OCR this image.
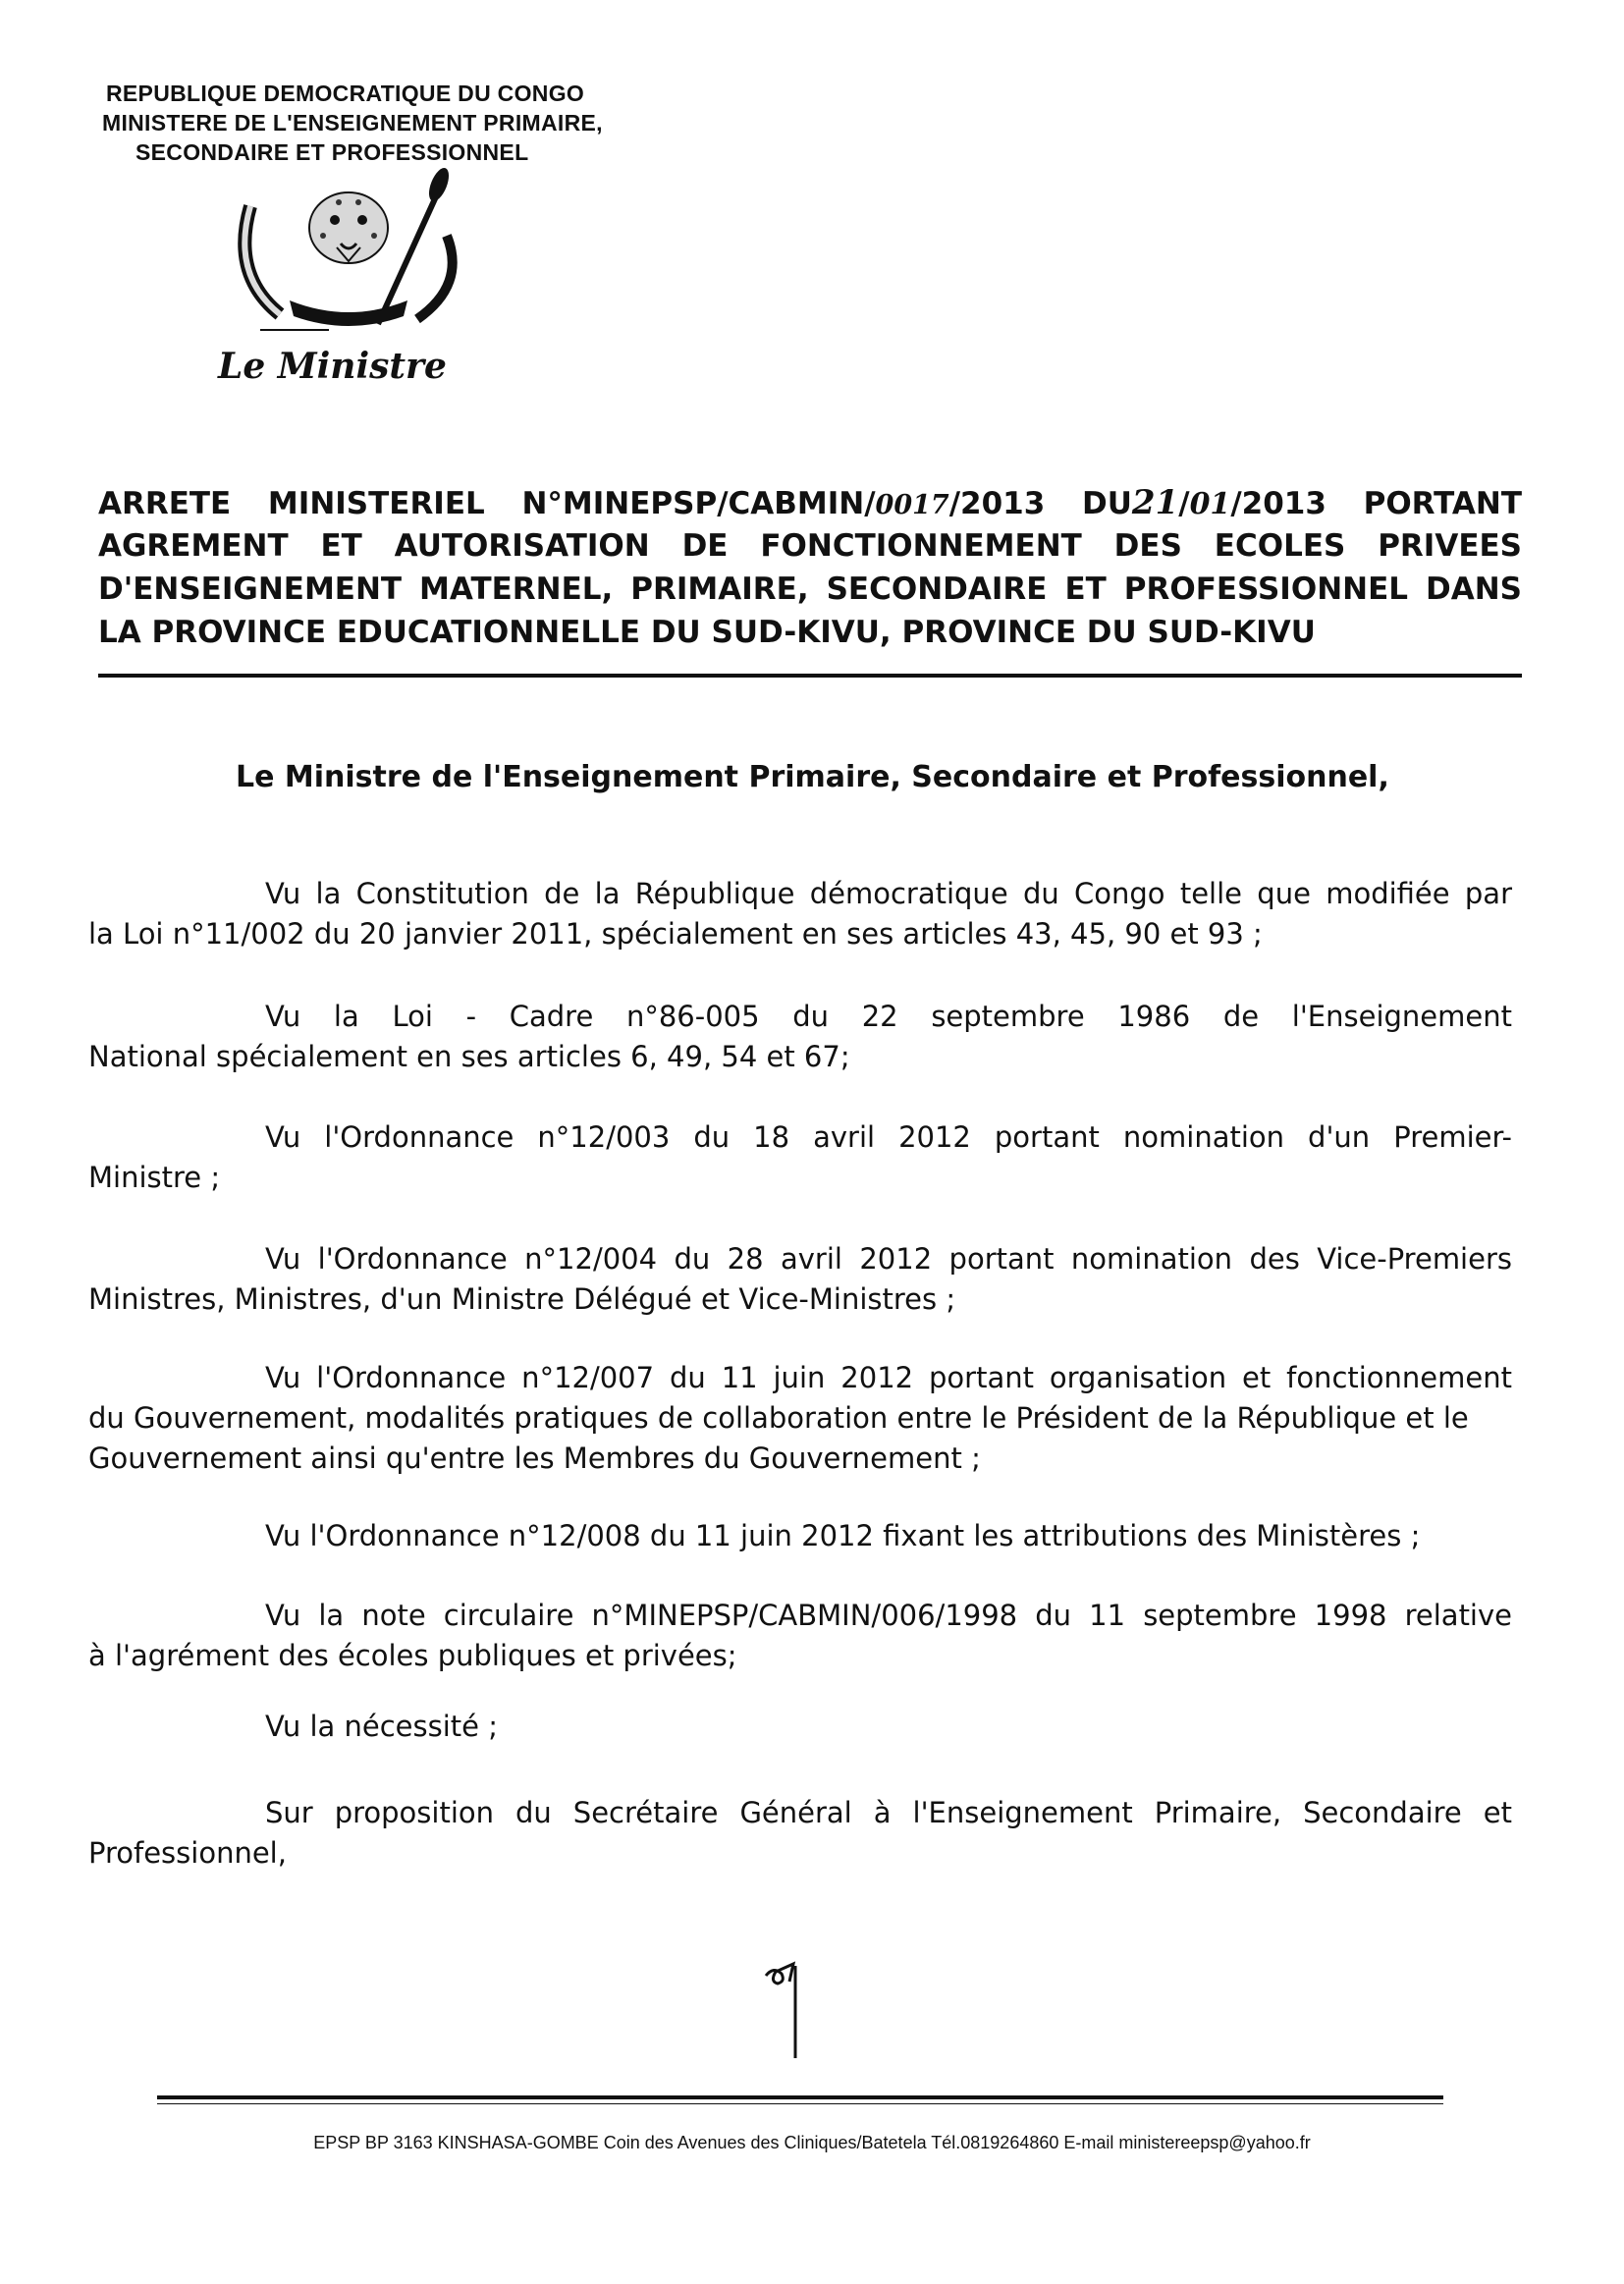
REPUBLIQUE DEMOCRATIQUE DU CONGO
MINISTERE DE L'ENSEIGNEMENT PRIMAIRE,
SECONDAIRE ET PROFESSIONNEL
Le Ministre
ARRETE MINISTERIEL N°MINEPSP/CABMIN/0017/2013 DU21/01/2013 PORTANT
AGREMENT ET AUTORISATION DE FONCTIONNEMENT DES ECOLES PRIVEES
D'ENSEIGNEMENT MATERNEL, PRIMAIRE, SECONDAIRE ET PROFESSIONNEL DANS
LA PROVINCE EDUCATIONNELLE DU SUD-KIVU, PROVINCE DU SUD-KIVU
Le Ministre de l'Enseignement Primaire, Secondaire et Professionnel,
Vu la Constitution de la République démocratique du Congo telle que modifiée par
la Loi n°11/002 du 20 janvier 2011, spécialement en ses articles 43, 45, 90 et 93 ;
Vu la Loi - Cadre n°86-005 du 22 septembre 1986 de l'Enseignement
National spécialement en ses articles 6, 49, 54 et 67;
Vu l'Ordonnance n°12/003 du 18 avril 2012 portant nomination d'un Premier-
Ministre ;
Vu l'Ordonnance n°12/004 du 28 avril 2012 portant nomination des Vice-Premiers
Ministres, Ministres, d'un Ministre Délégué et Vice-Ministres ;
Vu l'Ordonnance n°12/007 du 11 juin 2012 portant organisation et fonctionnement
du Gouvernement, modalités pratiques de collaboration entre le Président de la République et le
Gouvernement ainsi qu'entre les Membres du Gouvernement ;
Vu l'Ordonnance n°12/008 du 11 juin 2012 fixant les attributions des Ministères ;
Vu la note circulaire n°MINEPSP/CABMIN/006/1998 du 11 septembre 1998 relative
à l'agrément des écoles publiques et privées;
Vu la nécessité ;
Sur proposition du Secrétaire Général à l'Enseignement Primaire, Secondaire et
Professionnel,
EPSP BP 3163 KINSHASA-GOMBE Coin des Avenues des Cliniques/Batetela Tél.0819264860 E-mail ministereepsp@yahoo.fr
